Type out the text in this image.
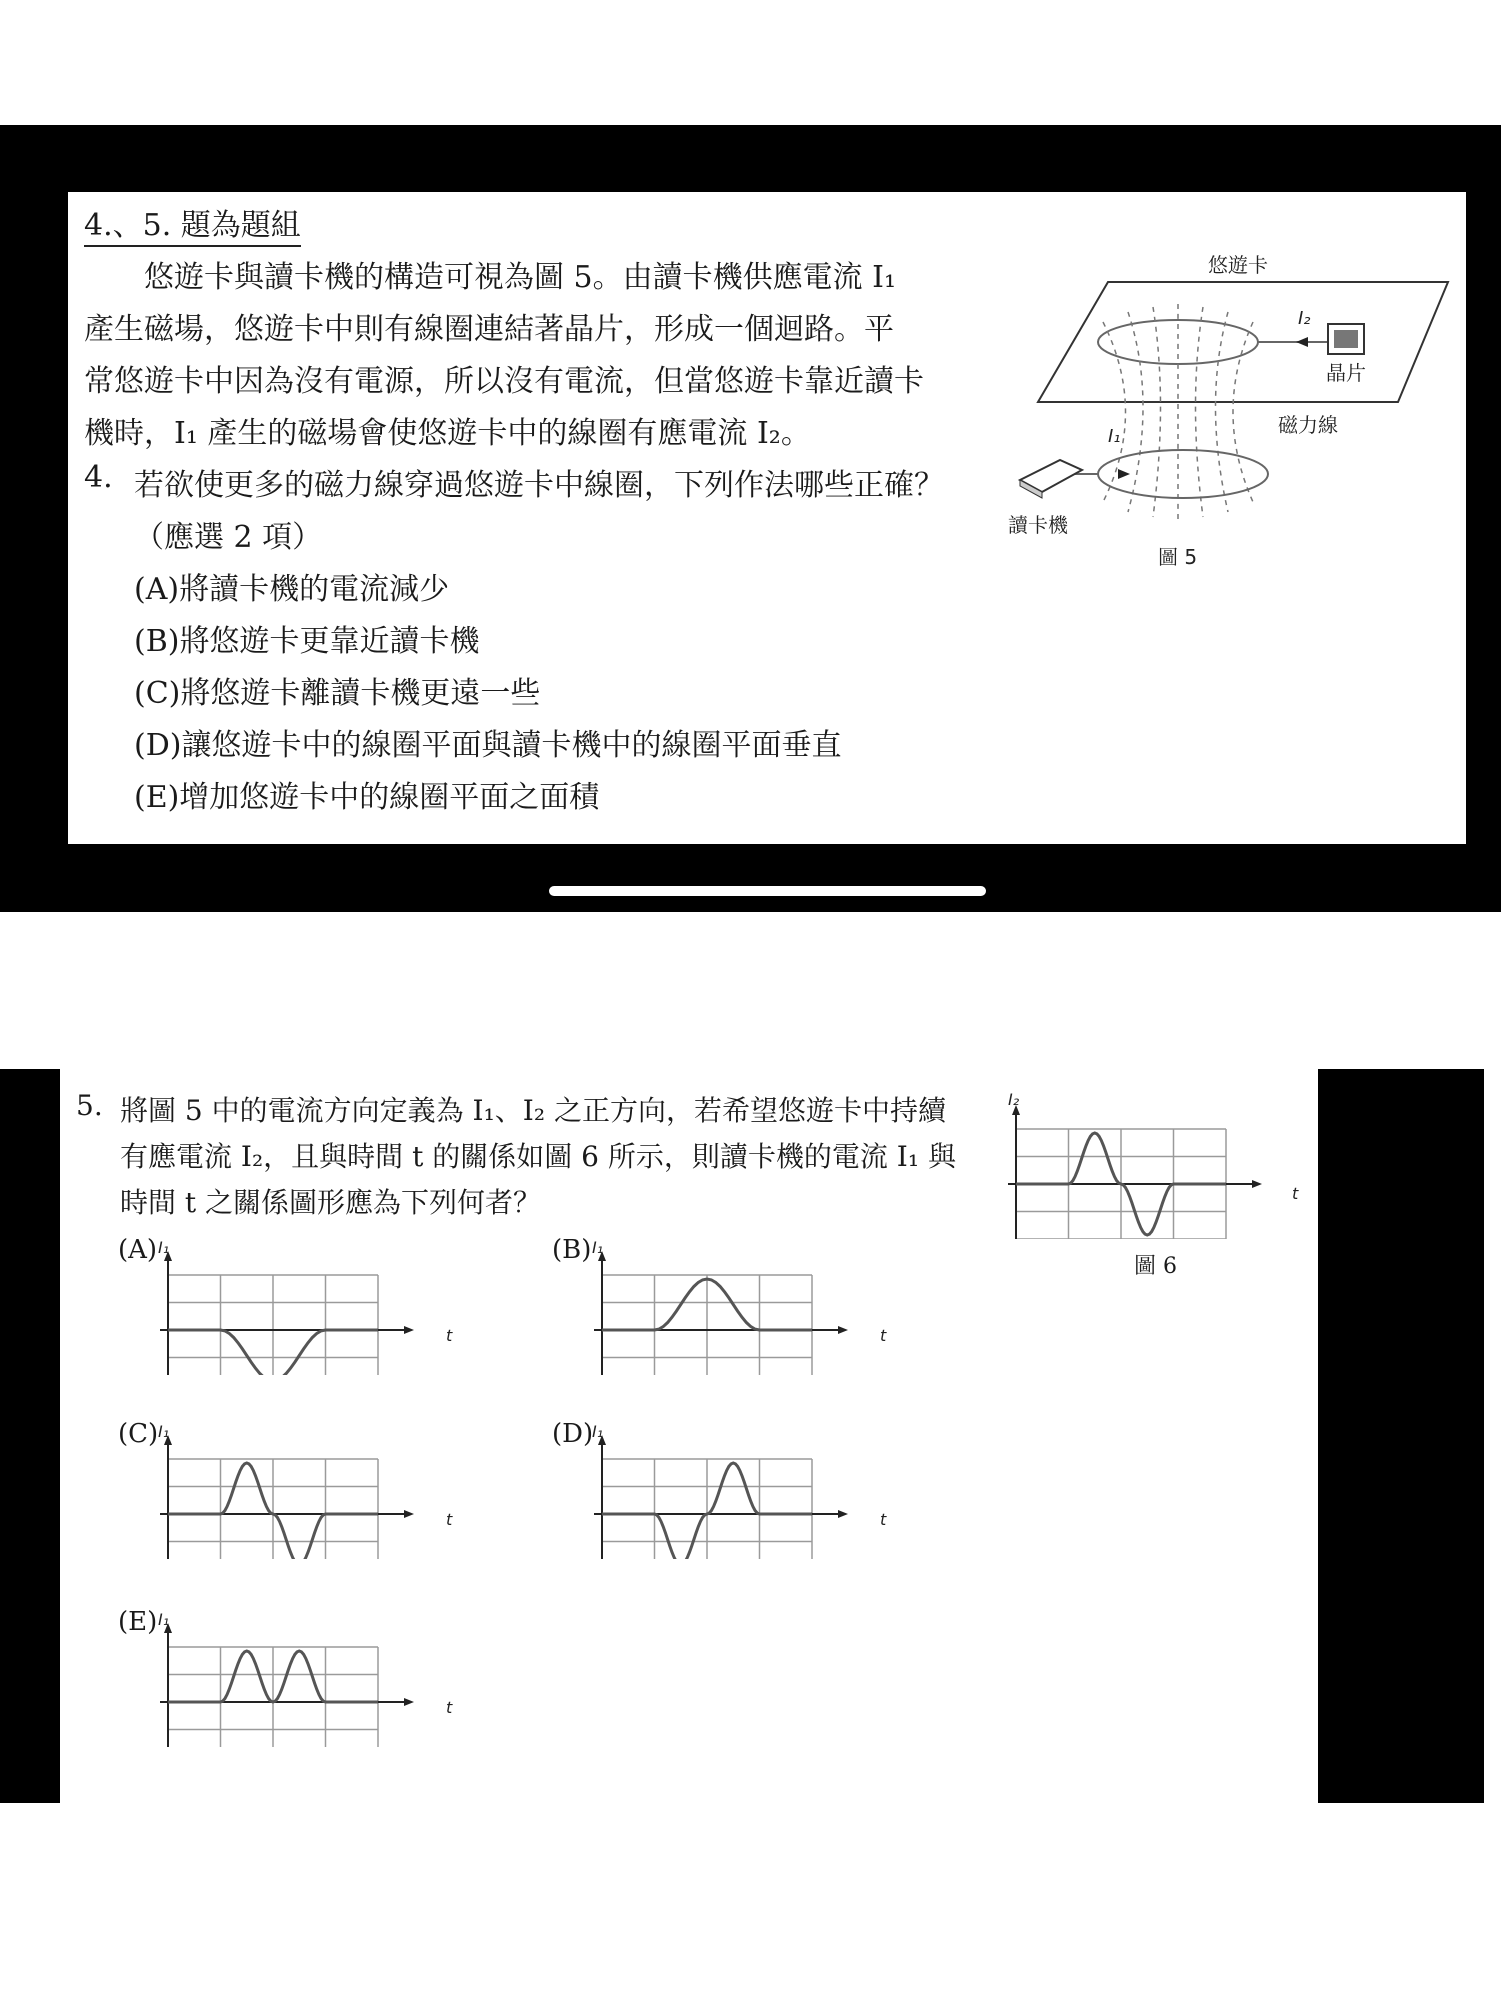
4.、5. 題為題組
悠遊卡與讀卡機的構造可視為圖 5。由讀卡機供應電流 I₁
產生磁場，悠遊卡中則有線圈連結著晶片，形成一個迴路。平
常悠遊卡中因為沒有電源，所以沒有電流，但當悠遊卡靠近讀卡
機時，I₁ 產生的磁場會使悠遊卡中的線圈有應電流 I₂。
4. 若欲使更多的磁力線穿過悠遊卡中線圈，下列作法哪些正確？
（應選 2 項）
(A)將讀卡機的電流減少
(B)將悠遊卡更靠近讀卡機
(C)將悠遊卡離讀卡機更遠一些
(D)讓悠遊卡中的線圈平面與讀卡機中的線圈平面垂直
(E)增加悠遊卡中的線圈平面之面積
悠遊卡
I₂
晶片
磁力線
I₁
讀卡機
圖 5
5. 將圖 5 中的電流方向定義為 I₁、I₂ 之正方向，若希望悠遊卡中持續
有應電流 I₂，且與時間 t 的關係如圖 6 所示，則讀卡機的電流 I₁ 與
時間 t 之關係圖形應為下列何者？
(A) I₁
t
(B) I₁
t
(C) I₁
t
(D)
I₁
t
(E) I₁
t
I₂
t
圖 6
